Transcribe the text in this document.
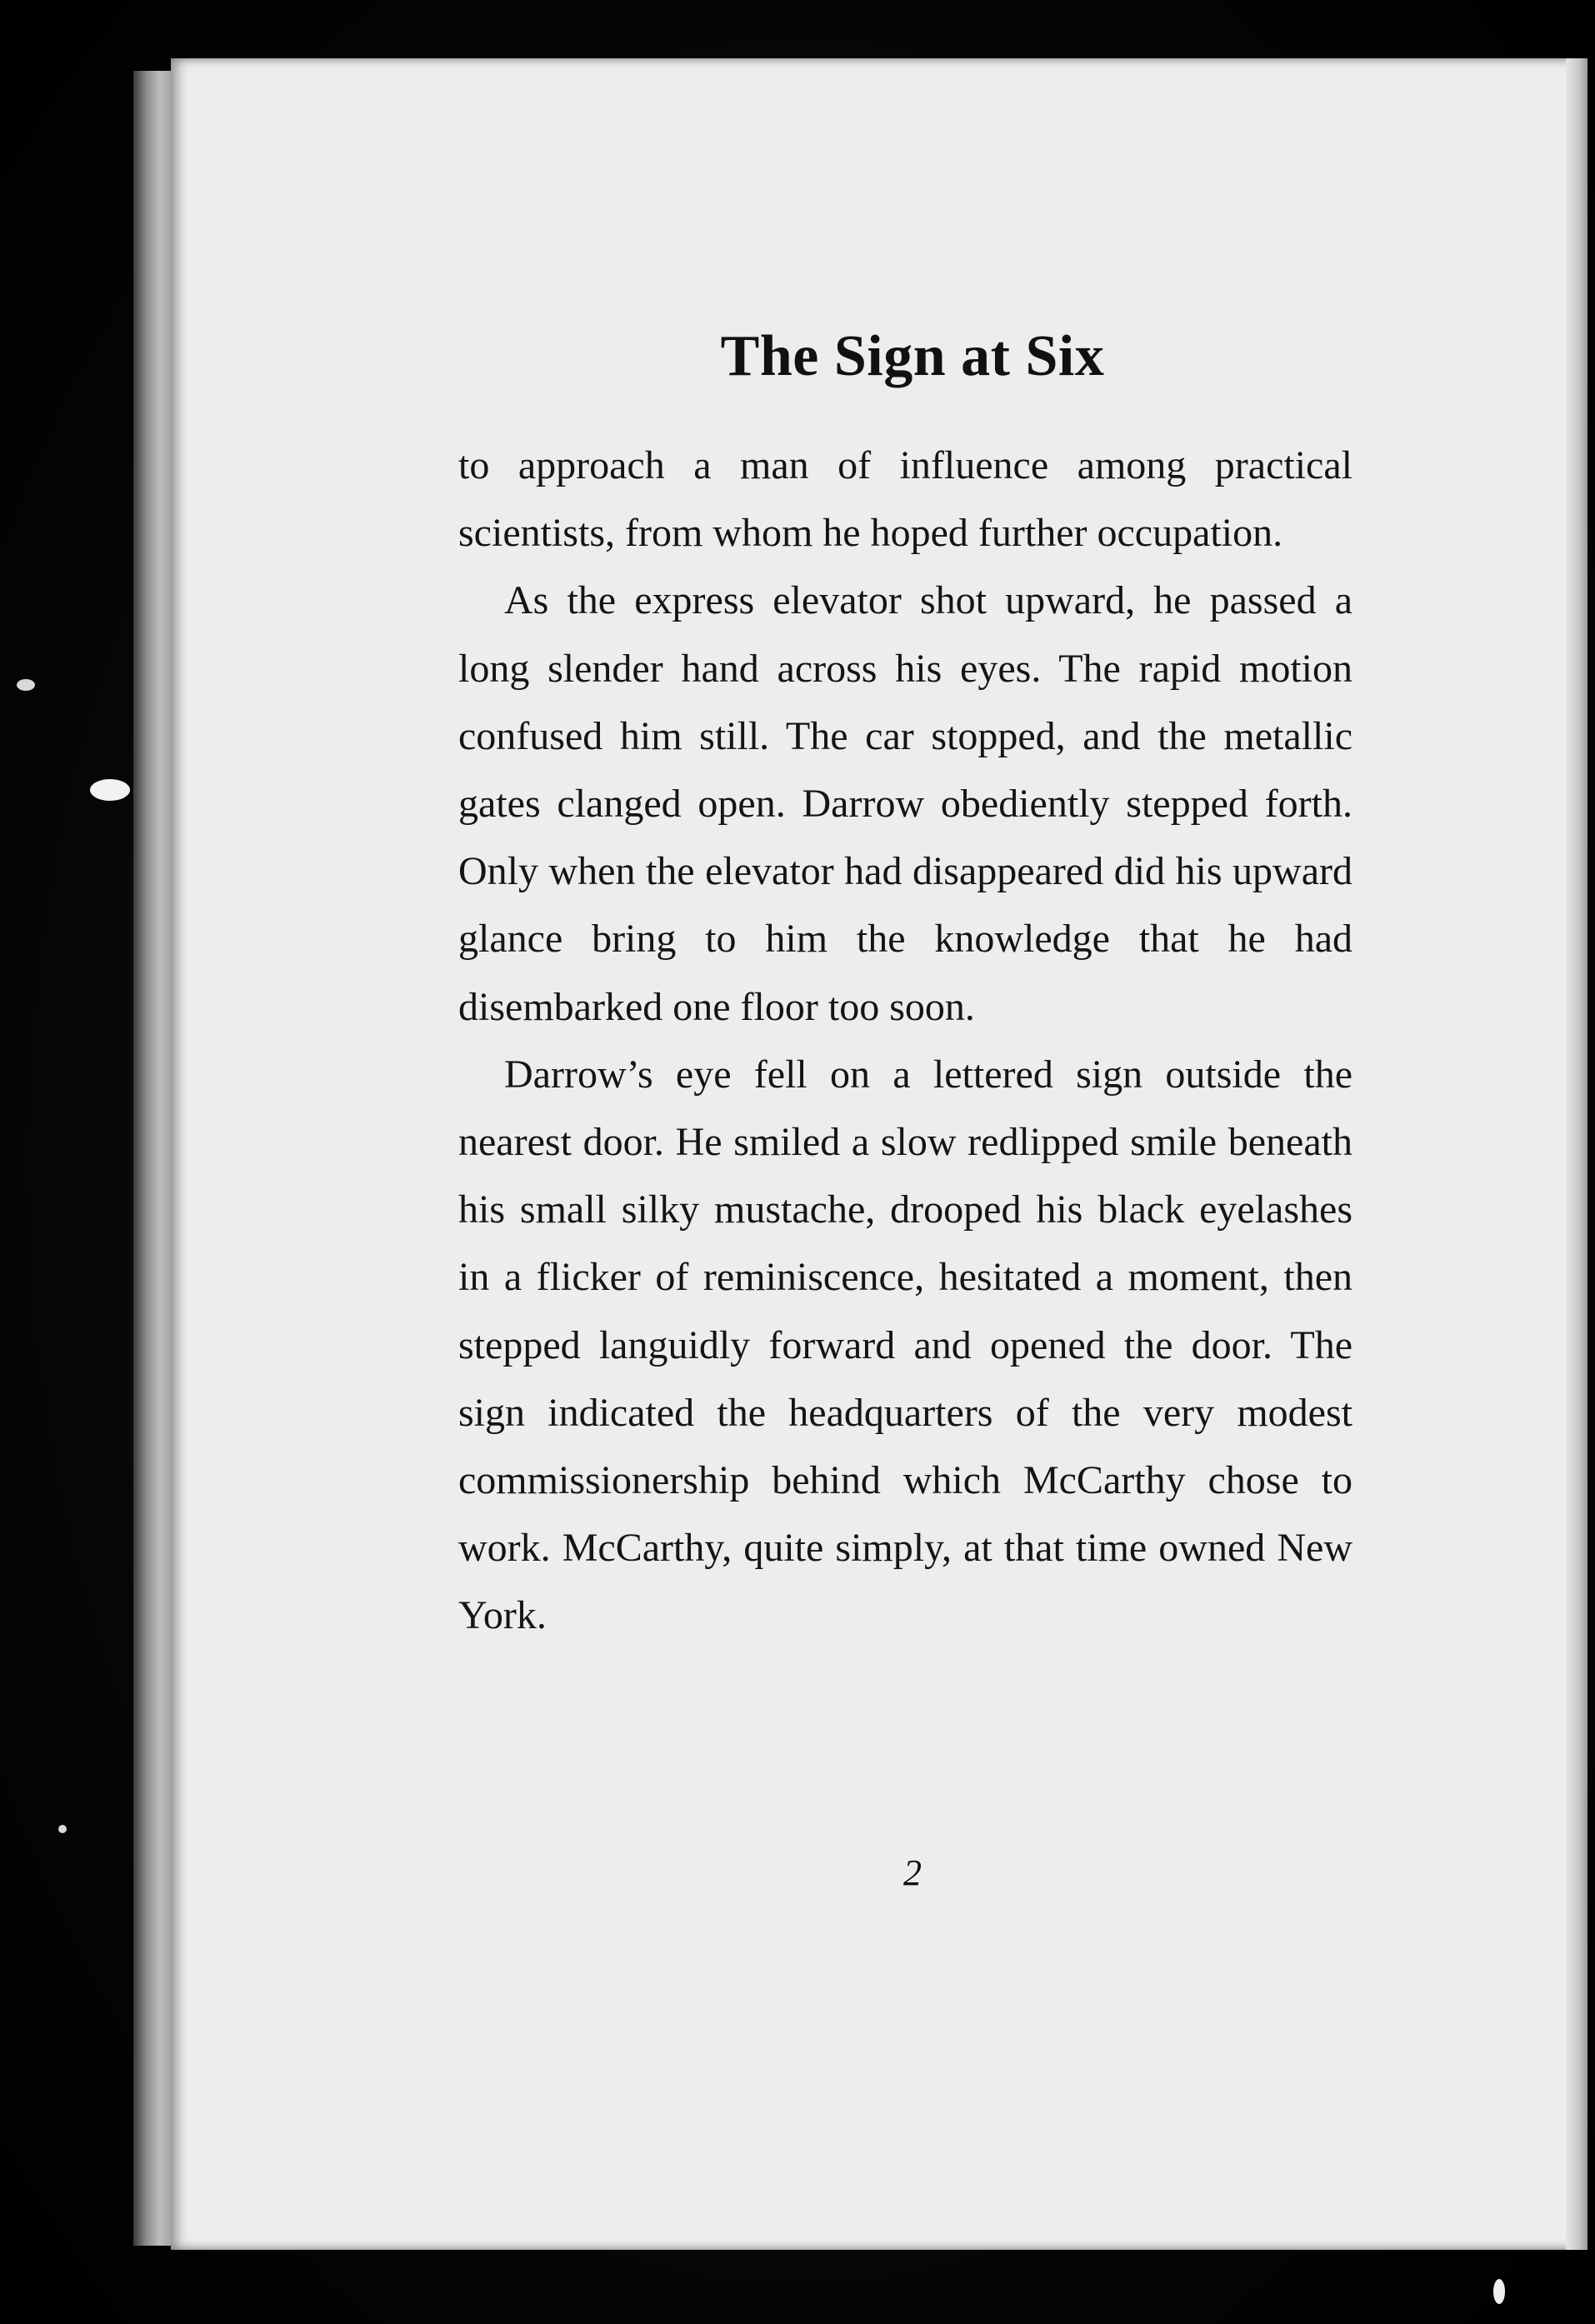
The Sign at Six

to approach a man of influence among practical scientists, from whom he hoped further occupation.

As the express elevator shot upward, he passed a long slender hand across his eyes. The rapid motion confused him still. The car stopped, and the metallic gates clanged open. Darrow obediently stepped forth. Only when the elevator had disappeared did his upward glance bring to him the knowledge that he had disembarked one floor too soon.

Darrow’s eye fell on a lettered sign outside the nearest door. He smiled a slow redlipped smile beneath his small silky mustache, drooped his black eyelashes in a flicker of reminiscence, hesitated a moment, then stepped languidly forward and opened the door. The sign indicated the headquarters of the very modest commissionership behind which McCarthy chose to work. McCarthy, quite simply, at that time owned New York.

2
